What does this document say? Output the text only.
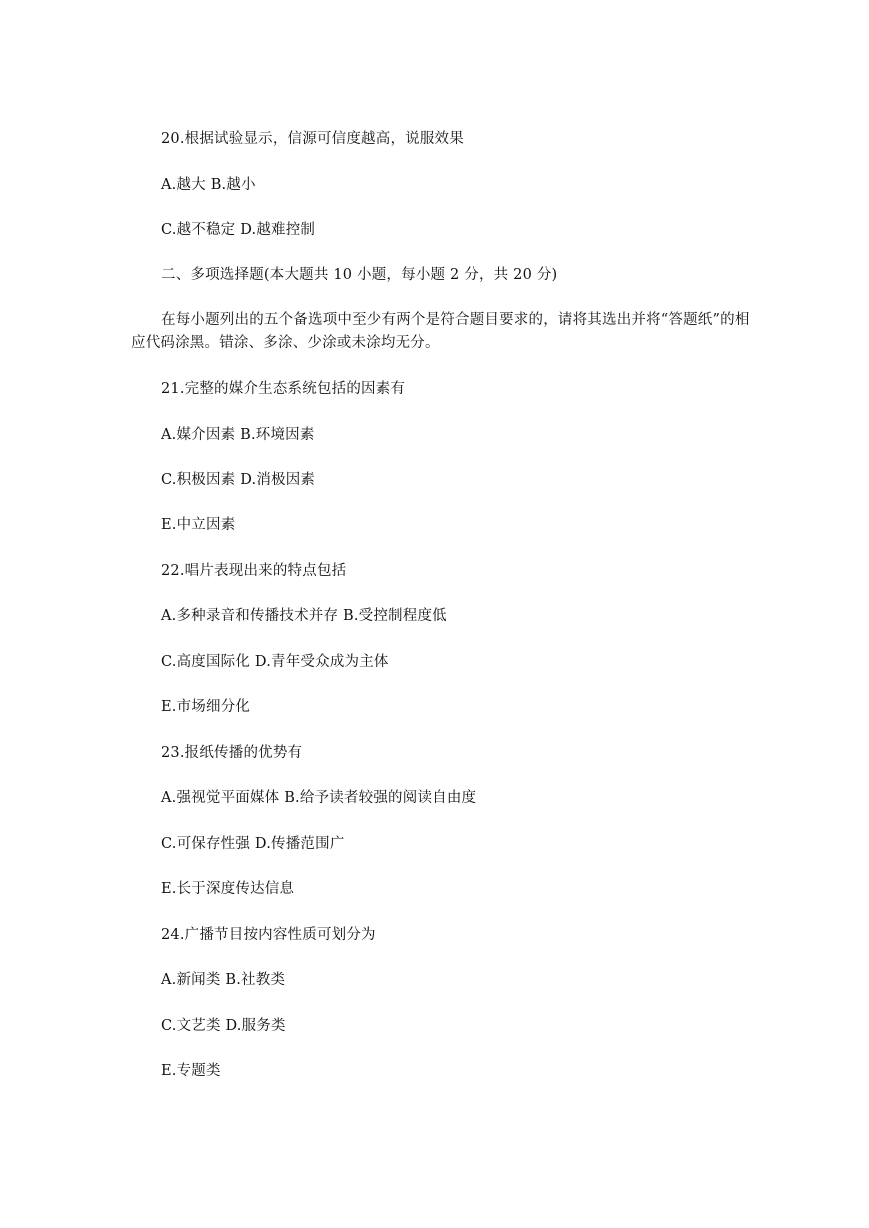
20.根据试验显示，信源可信度越高，说服效果
A.越大 B.越小
C.越不稳定 D.越难控制
二、多项选择题(本大题共 10 小题，每小题 2 分，共 20 分)
在每小题列出的五个备选项中至少有两个是符合题目要求的，请将其选出并将“答题纸”的相应代码涂黑。错涂、多涂、少涂或未涂均无分。
21.完整的媒介生态系统包括的因素有
A.媒介因素 B.环境因素
C.积极因素 D.消极因素
E.中立因素
22.唱片表现出来的特点包括
A.多种录音和传播技术并存 B.受控制程度低
C.高度国际化 D.青年受众成为主体
E.市场细分化
23.报纸传播的优势有
A.强视觉平面媒体 B.给予读者较强的阅读自由度
C.可保存性强 D.传播范围广
E.长于深度传达信息
24.广播节目按内容性质可划分为
A.新闻类 B.社教类
C.文艺类 D.服务类
E.专题类
